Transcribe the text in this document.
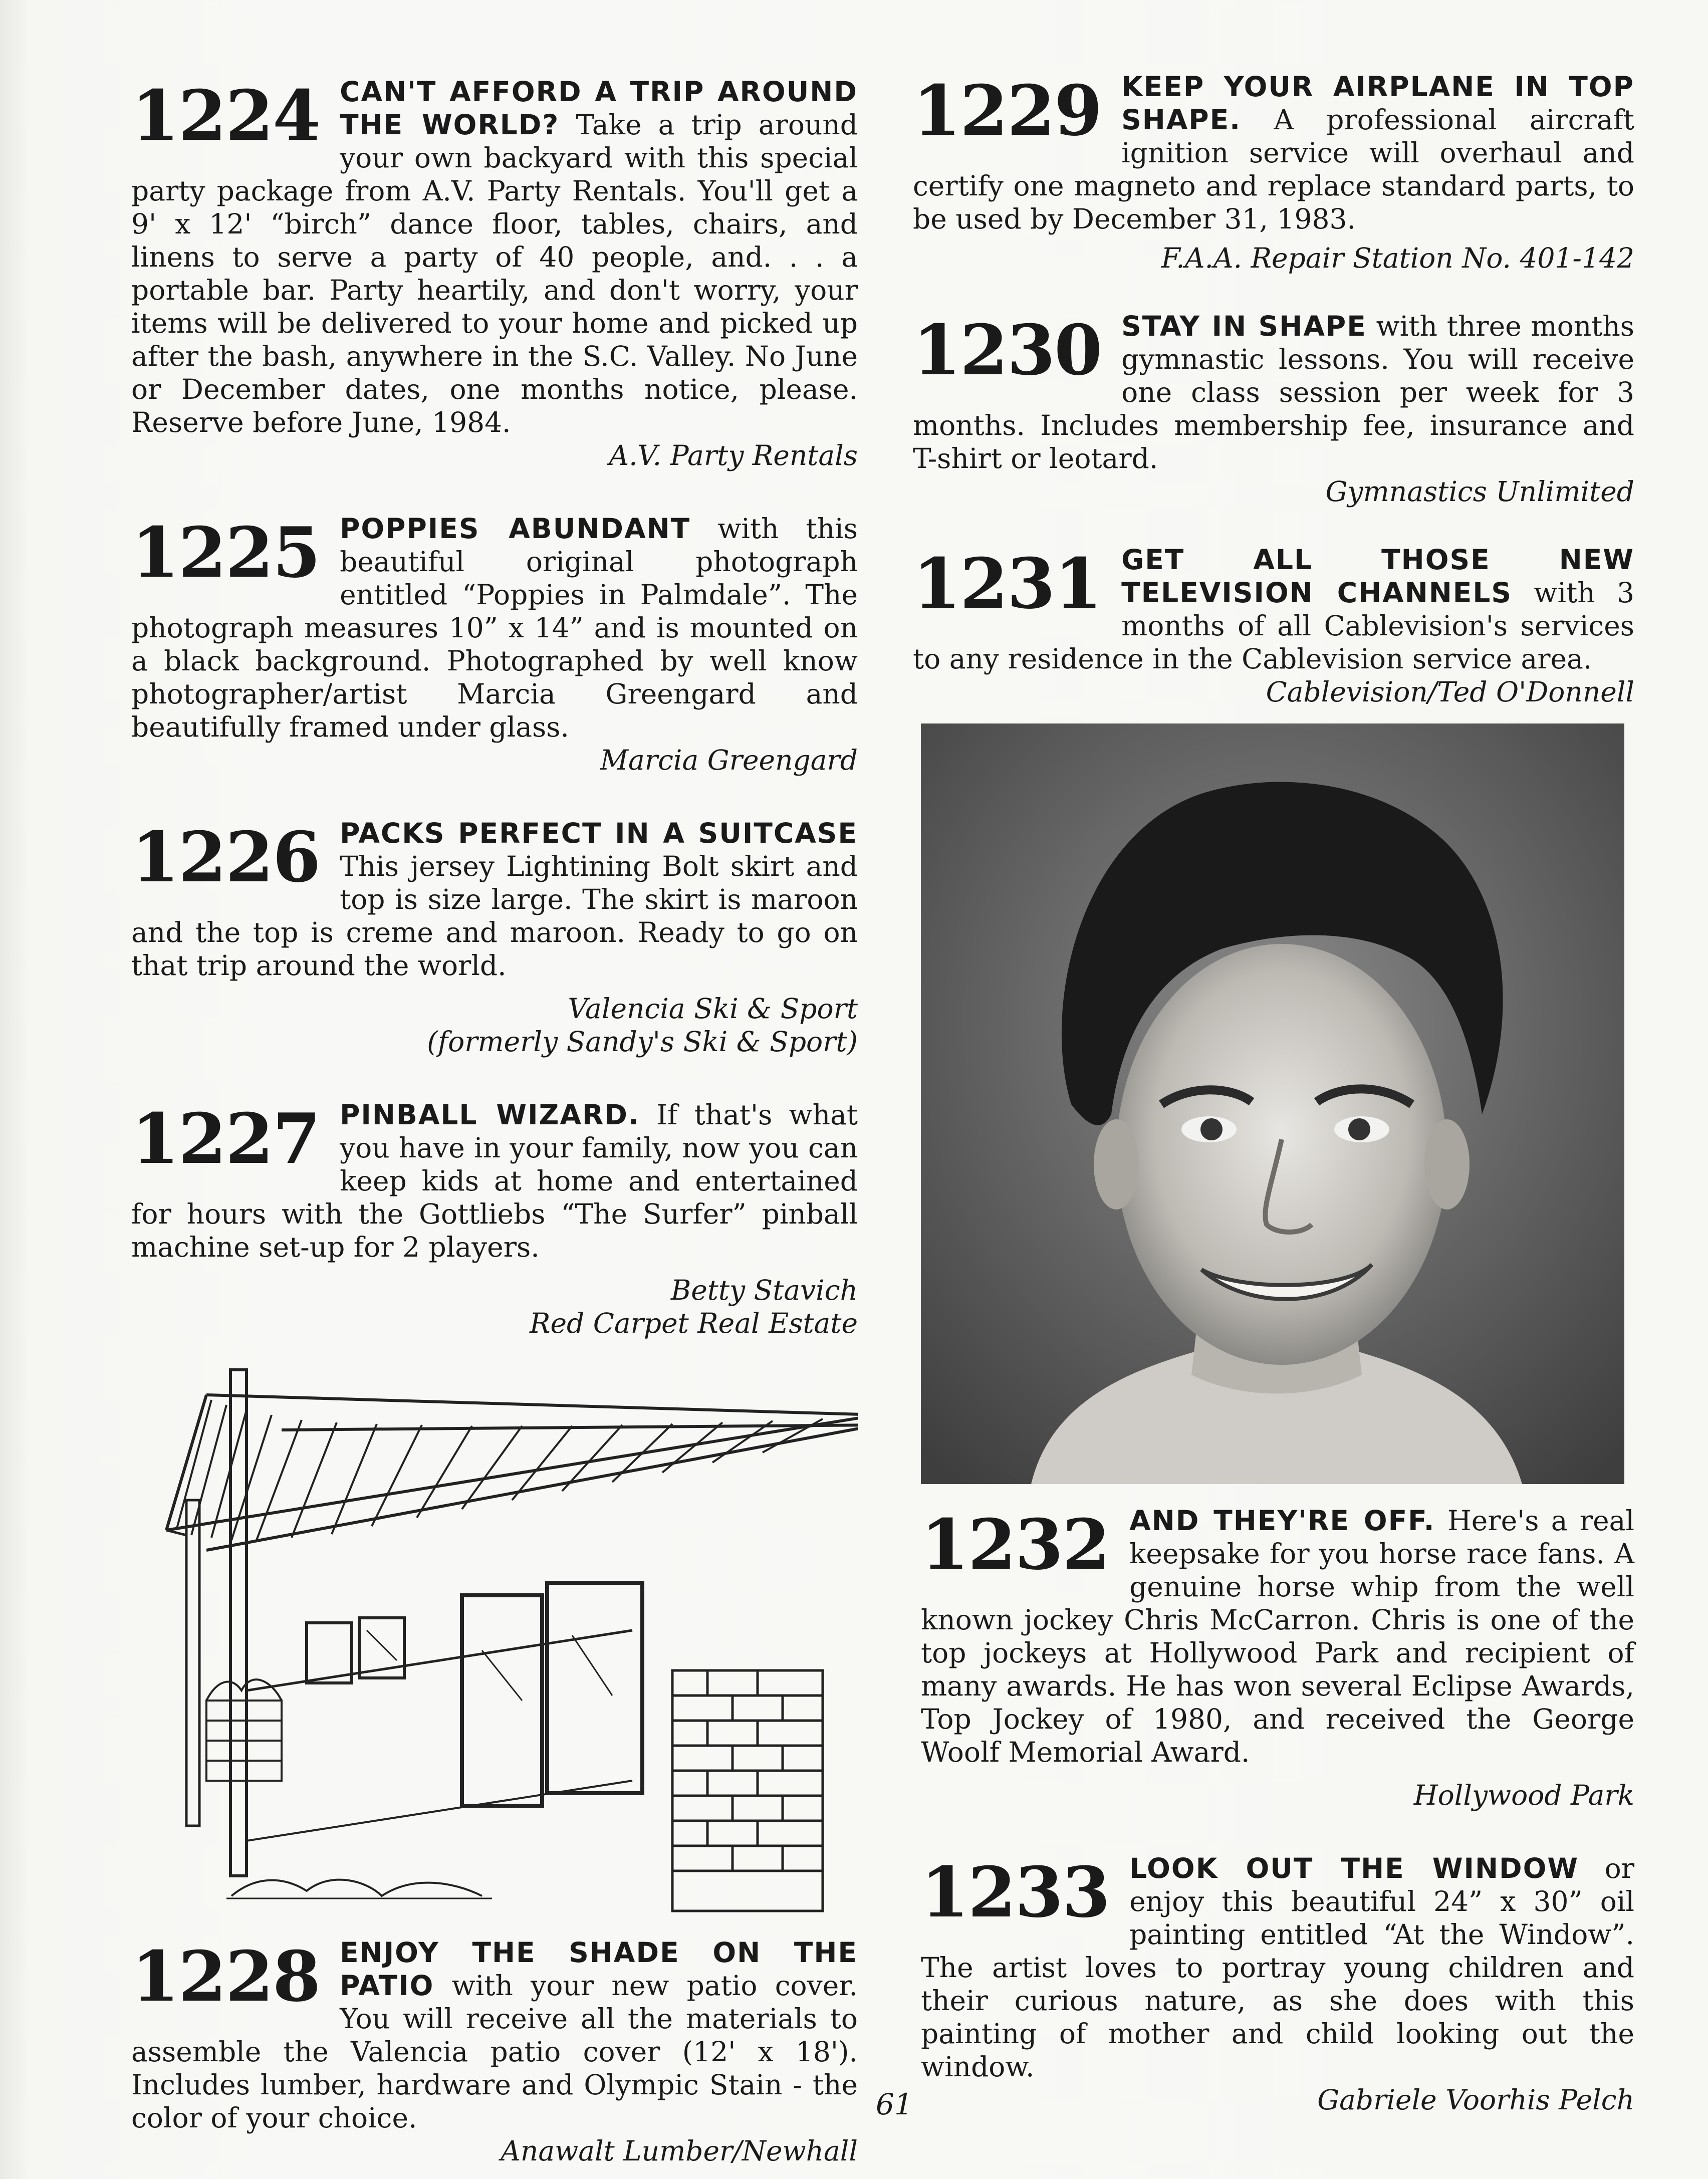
1224 CAN'T AFFORD A TRIP AROUND THE WORLD? Take a trip around your own backyard with this special party package from A.V. Party Rentals. You'll get a 9' x 12' “birch” dance floor, tables, chairs, and linens to serve a party of 40 people, and. . . a portable bar. Party heartily, and don't worry, your items will be delivered to your home and picked up after the bash, anywhere in the S.C. Valley. No June or December dates, one months notice, please. Reserve before June, 1984.
A.V. Party Rentals
1225 POPPIES ABUNDANT with this beautiful original photograph entitled “Poppies in Palmdale”. The photograph measures 10” x 14” and is mounted on a black background. Photographed by well know photographer/artist Marcia Greengard and beautifully framed under glass.
Marcia Greengard
1226 PACKS PERFECT IN A SUITCASE This jersey Lightining Bolt skirt and top is size large. The skirt is maroon and the top is creme and maroon. Ready to go on that trip around the world.
Valencia Ski & Sport
(formerly Sandy's Ski & Sport)
1227 PINBALL WIZARD. If that's what you have in your family, now you can keep kids at home and entertained for hours with the Gottliebs “The Surfer” pinball machine set-up for 2 players.
Betty Stavich
Red Carpet Real Estate
1228 ENJOY THE SHADE ON THE PATIO with your new patio cover. You will receive all the materials to assemble the Valencia patio cover (12' x 18'). Includes lumber, hardware and Olympic Stain - the color of your choice.
Anawalt Lumber/Newhall
1229 KEEP YOUR AIRPLANE IN TOP SHAPE. A professional aircraft ignition service will overhaul and certify one magneto and replace standard parts, to be used by December 31, 1983.
F.A.A. Repair Station No. 401-142
1230 STAY IN SHAPE with three months gymnastic lessons. You will receive one class session per week for 3 months. Includes membership fee, insurance and T-shirt or leotard.
Gymnastics Unlimited
1231 GET ALL THOSE NEW TELEVISION CHANNELS with 3 months of all Cablevision's services to any residence in the Cablevision service area.
Cablevision/Ted O'Donnell
1232 AND THEY'RE OFF. Here's a real keepsake for you horse race fans. A genuine horse whip from the well known jockey Chris McCarron. Chris is one of the top jockeys at Hollywood Park and recipient of many awards. He has won several Eclipse Awards, Top Jockey of 1980, and received the George Woolf Memorial Award.
Hollywood Park
1233 LOOK OUT THE WINDOW or enjoy this beautiful 24” x 30” oil painting entitled “At the Window”. The artist loves to portray young children and their curious nature, as she does with this painting of mother and child looking out the window.
Gabriele Voorhis Pelch
61
